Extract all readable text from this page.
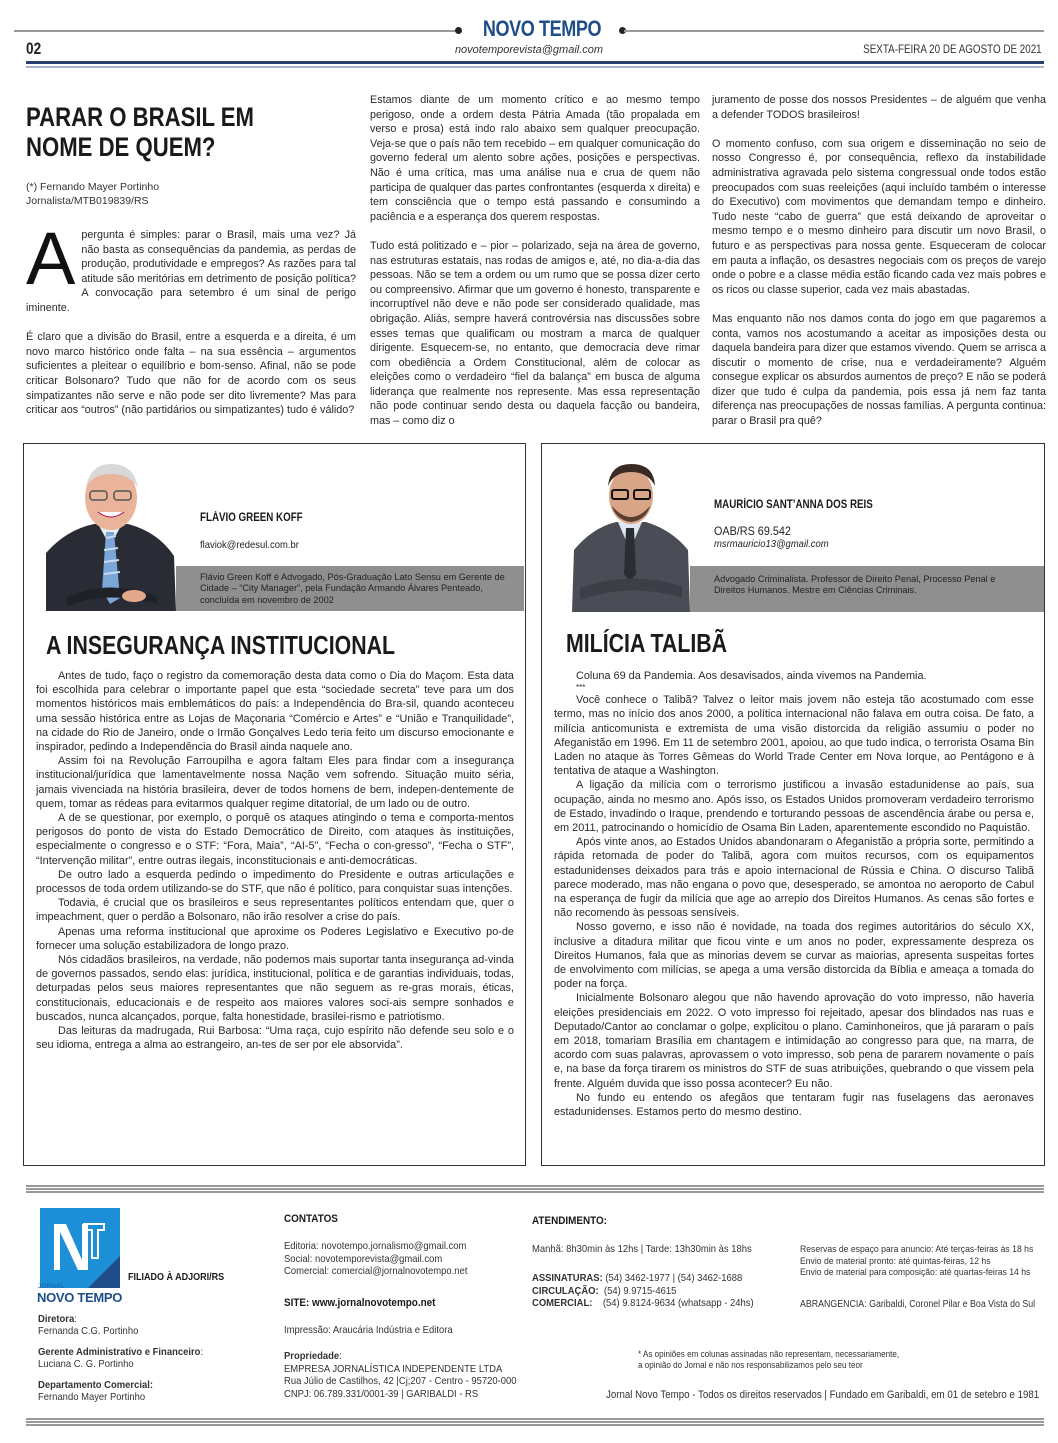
NOVO TEMPO
novotemporevista@gmail.com
02	SEXTA-FEIRA 20 DE AGOSTO DE 2021
PARAR O BRASIL EM
NOME DE QUEM?
(*) Fernando Mayer Portinho
Jornalista/MTB019839/RS

A pergunta é simples: parar o Brasil, mais uma vez? Já não basta as consequências da pandemia, as perdas de produção, produtividade e empregos? As razões para tal atitude são meritórias em detrimento de posição política? A convocação para setembro é um sinal de perigo iminente.

É claro que a divisão do Brasil, entre a esquerda e a direita, é um novo marco histórico onde falta – na sua essência – argumentos suficientes a pleitear o equilíbrio e bom-senso. Afinal, não se pode criticar Bolsonaro? Tudo que não for de acordo com os seus simpatizantes não serve e não pode ser dito livremente? Mas para criticar aos “outros” (não partidários ou simpatizantes) tudo é válido?

Estamos diante de um momento crítico e ao mesmo tempo perigoso, onde a ordem desta Pátria Amada (tão propalada em verso e prosa) está indo ralo abaixo sem qualquer preocupação. Veja-se que o país não tem recebido – em qualquer comunicação do governo federal um alento sobre ações, posições e perspectivas. Não é uma crítica, mas uma análise nua e crua de quem não participa de qualquer das partes confrontantes (esquerda x direita) e tem consciência que o tempo está passando e consumindo a paciência e a esperança dos querem respostas.

Tudo está politizado e – pior – polarizado, seja na área de governo, nas estruturas estatais, nas rodas de amigos e, até, no dia-a-dia das pessoas. Não se tem a ordem ou um rumo que se possa dizer certo ou compreensivo. Afirmar que um governo é honesto, transparente e incorruptível não deve e não pode ser considerado qualidade, mas obrigação. Aliás, sempre haverá controvérsia nas discussões sobre esses temas que qualificam ou mostram a marca de qualquer dirigente. Esquecem-se, no entanto, que democracia deve rimar com obediência a Ordem Constitucional, além de colocar as eleições como o verdadeiro “fiel da balança” em busca de alguma liderança que realmente nos represente. Mas essa representação não pode continuar sendo desta ou daquela facção ou bandeira, mas – como diz o

juramento de posse dos nossos Presidentes – de alguém que venha a defender TODOS brasileiros!

O momento confuso, com sua origem e disseminação no seio de nosso Congresso é, por consequência, reflexo da instabilidade administrativa agravada pelo sistema congressual onde todos estão preocupados com suas reeleições (aqui incluído também o interesse do Executivo) com movimentos que demandam tempo e dinheiro. Tudo neste “cabo de guerra” que está deixando de aproveitar o mesmo tempo e o mesmo dinheiro para discutir um novo Brasil, o futuro e as perspectivas para nossa gente. Esqueceram de colocar em pauta a inflação, os desastres negociais com os preços de varejo onde o pobre e a classe média estão ficando cada vez mais pobres e os ricos ou classe superior, cada vez mais abastadas.

Mas enquanto não nos damos conta do jogo em que pagaremos a conta, vamos nos acostumando a aceitar as imposições desta ou daquela bandeira para dizer que estamos vivendo. Quem se arrisca a discutir o momento de crise, nua e verdadeiramente? Alguém consegue explicar os absurdos aumentos de preço? E não se poderá dizer que tudo é culpa da pandemia, pois essa já nem faz tanta diferença nas preocupações de nossas famílias. A pergunta continua: parar o Brasil pra quê?

FLÁVIO GREEN KOFF
flaviok@redesul.com.br
Flávio Green Koff é Advogado, Pós-Graduação Lato Sensu em Gerente de Cidade – “City Manager”, pela Fundação Armando Álvares Penteado, concluída em novembro de 2002
A INSEGURANÇA INSTITUCIONAL

Antes de tudo, faço o registro da comemoração desta data como o Dia do Maçom. Esta data foi escolhida para celebrar o importante papel que esta “sociedade secreta” teve para um dos momentos históricos mais emblemáticos do país: a Independência do Bra-sil, quando aconteceu uma sessão histórica entre as Lojas de Maçonaria “Comércio e Artes” e “União e Tranquilidade”, na cidade do Rio de Janeiro, onde o Irmão Gonçalves Ledo teria feito um discurso emocionante e inspirador, pedindo a Independência do Brasil ainda naquele ano.

Assim foi na Revolução Farroupilha e agora faltam Eles para findar com a insegurança institucional/jurídica que lamentavelmente nossa Nação vem sofrendo. Situação muito séria, jamais vivenciada na história brasileira, dever de todos homens de bem, indepen-dentemente de quem, tomar as rédeas para evitarmos qualquer regime ditatorial, de um lado ou de outro.

A de se questionar, por exemplo, o porquê os ataques atingindo o tema e comporta-mentos perigosos do ponto de vista do Estado Democrático de Direito, com ataques às instituições, especialmente o congresso e o STF: “Fora, Maia”, “AI-5”, “Fecha o con-gresso”, “Fecha o STF”, “Intervenção militar”, entre outras ilegais, inconstitucionais e anti-democráticas.

De outro lado a esquerda pedindo o impedimento do Presidente e outras articulações e processos de toda ordem utilizando-se do STF, que não é político, para conquistar suas intenções.

Todavia, é crucial que os brasileiros e seus representantes políticos entendam que, quer o impeachment, quer o perdão a Bolsonaro, não irão resolver a crise do país.

Apenas uma reforma institucional que aproxime os Poderes Legislativo e Executivo po-de fornecer uma solução estabilizadora de longo prazo.

Nós cidadãos brasileiros, na verdade, não podemos mais suportar tanta insegurança ad-vinda de governos passados, sendo elas: jurídica, institucional, política e de garantias individuais, todas, deturpadas pelos seus maiores representantes que não seguem as re-gras morais, éticas, constitucionais, educacionais e de respeito aos maiores valores soci-ais sempre sonhados e buscados, nunca alcançados, porque, falta honestidade, brasilei-rismo e patriotismo.

Das leituras da madrugada, Rui Barbosa: “Uma raça, cujo espírito não defende seu solo e o seu idioma, entrega a alma ao estrangeiro, an-tes de ser por ele absorvida”.

MAURÍCIO SANT’ANNA DOS REIS
OAB/RS 69.542
msrmauricio13@gmail.com
Advogado Criminalista. Professor de Direito Penal, Processo Penal e Direitos Humanos. Mestre em Ciências Criminais.
MILÍCIA TALIBÃ

Coluna 69 da Pandemia. Aos desavisados, ainda vivemos na Pandemia.

***

Você conhece o Talibã? Talvez o leitor mais jovem não esteja tão acostumado com esse termo, mas no início dos anos 2000, a política internacional não falava em outra coisa. De fato, a milícia anticomunista e extremista de uma visão distorcida da religião assumiu o poder no Afeganistão em 1996. Em 11 de setembro 2001, apoiou, ao que tudo indica, o terrorista Osama Bin Laden no ataque às Torres Gêmeas do World Trade Center em Nova Iorque, ao Pentágono e à tentativa de ataque a Washington.

A ligação da milícia com o terrorismo justificou a invasão estadunidense ao país, sua ocupação, ainda no mesmo ano. Após isso, os Estados Unidos promoveram verdadeiro terrorismo de Estado, invadindo o Iraque, prendendo e torturando pessoas de ascendência árabe ou persa e, em 2011, patrocinando o homicídio de Osama Bin Laden, aparentemente escondido no Paquistão.

Após vinte anos, ao Estados Unidos abandonaram o Afeganistão a própria sorte, permitindo a rápida retomada de poder do Talibã, agora com muitos recursos, com os equipamentos estadunidenses deixados para trás e apoio internacional de Rússia e China. O discurso Talibã parece moderado, mas não engana o povo que, desesperado, se amontoa no aeroporto de Cabul na esperança de fugir da milícia que age ao arrepio dos Direitos Humanos. As cenas são fortes e não recomendo às pessoas sensíveis.

Nosso governo, e isso não é novidade, na toada dos regimes autoritários do século XX, inclusive a ditadura militar que ficou vinte e um anos no poder, expressamente despreza os Direitos Humanos, fala que as minorias devem se curvar as maiorias, apresenta suspeitas fortes de envolvimento com milícias, se apega a uma versão distorcida da Bíblia e ameaça a tomada do poder na força.

Inicialmente Bolsonaro alegou que não havendo aprovação do voto impresso, não haveria eleições presidenciais em 2022. O voto impresso foi rejeitado, apesar dos blindados nas ruas e Deputado/Cantor ao conclamar o golpe, explicitou o plano. Caminhoneiros, que já pararam o país em 2018, tomariam Brasília em chantagem e intimidação ao congresso para que, na marra, de acordo com suas palavras, aprovassem o voto impresso, sob pena de pararem novamente o país e, na base da força tirarem os ministros do STF de suas atribuições, quebrando o que vissem pela frente. Alguém duvida que isso possa acontecer? Eu não.

No fundo eu entendo os afegãos que tentaram fugir nas fuselagens das aeronaves estadunidenses. Estamos perto do mesmo destino.

JORNAL
NOVO TEMPO
FILIADO À ADJORI/RS
Diretora:
Fernanda C.G. Portinho
Gerente Administrativo e Financeiro:
Luciana C. G. Portinho
Departamento Comercial:
Fernando Mayer Portinho
CONTATOS
Editoria: novotempo.jornalismo@gmail.com
Social: novotemporevista@gmail.com
Comercial: comercial@jornalnovotempo.net
SITE: www.jornalnovotempo.net
Impressão: Araucária Indústria e Editora
Propriedade:
EMPRESA JORNALÍSTICA INDEPENDENTE LTDA
Rua Júlio de Castilhos, 42 |Cj;207 - Centro - 95720-000
CNPJ: 06.789.331/0001-39 | GARIBALDI - RS
ATENDIMENTO:
Manhã: 8h30min às 12hs | Tarde: 13h30min às 18hs
ASSINATURAS: (54) 3462-1977 | (54) 3462-1688
CIRCULAÇÃO:  (54) 9.9715-4615
COMERCIAL:    (54) 9.8124-9634 (whatsapp - 24hs)
Reservas de espaço para anuncio: Até terças-feiras às 18 hs
Envio de material pronto: até quintas-feiras, 12 hs
Envio de material para composição: até quartas-feiras 14 hs
ABRANGÊNCIA: Garibaldi, Coronel Pilar e Boa Vista do Sul
* As opiniões em colunas assinadas não representam, necessariamente,
a opinião do Jornal e não nos responsabilizamos pelo seu teor
Jornal Novo Tempo - Todos os direitos reservados | Fundado em Garibaldi, em 01 de setebro e 1981
